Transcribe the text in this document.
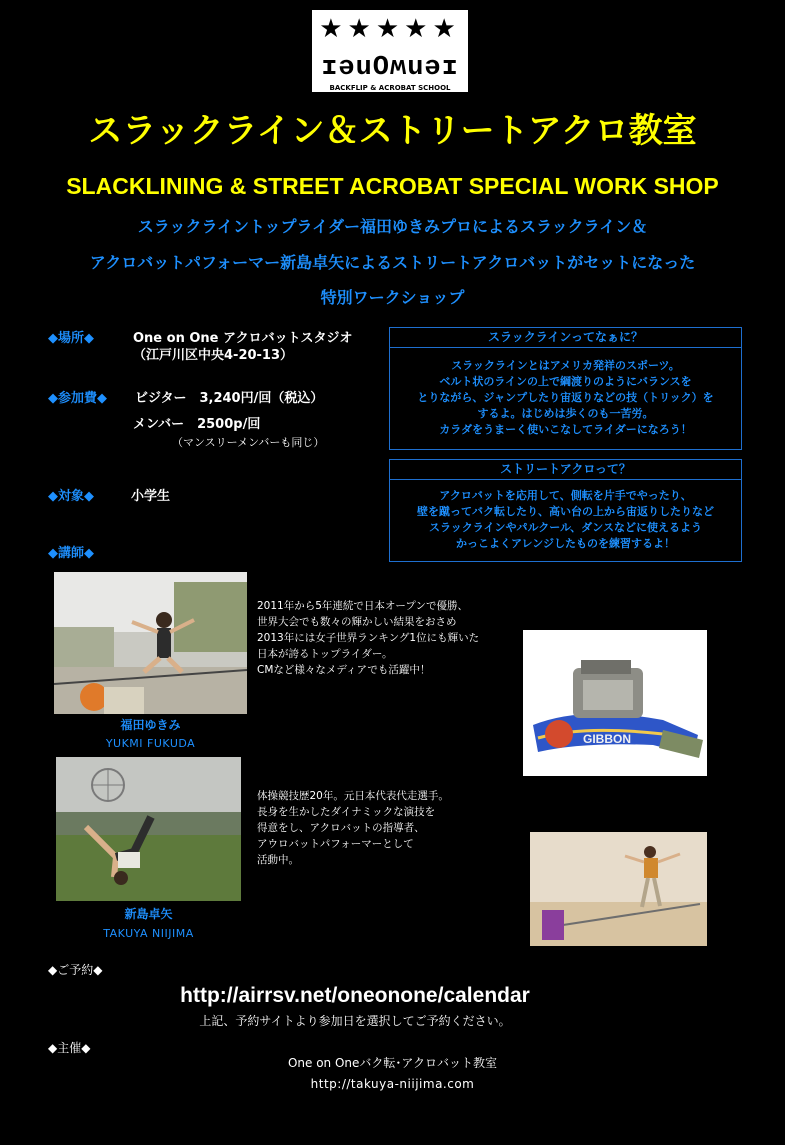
★★★★★
ɪǝuOʍuǝɪ
BACKFLIP & ACROBAT SCHOOL
スラックライン＆ストリートアクロ教室
SLACKLINING & STREET ACROBAT SPECIAL WORK SHOP
スラックライントップライダー福田ゆきみプロによるスラックライン＆
アクロバットパフォーマー新島卓矢によるストリートアクロバットがセットになった
特別ワークショップ
◆場所◆	One on One アクロバットスタジオ
（江戸川区中央4-20-13）
◆参加費◆ ビジター　3,240円/回（税込）
メンバー　2500p/回
（マンスリーメンバーも同じ）
◆対象◆	小学生
◆講師◆
スラックラインってなぁに？
スラックラインとはアメリカ発祥のスポーツ。
ベルト状のラインの上で綱渡りのようにバランスを
とりながら、ジャンプしたり宙返りなどの技（トリック）を
するよ。はじめは歩くのも一苦労。
カラダをうまーく使いこなしてライダーになろう！
ストリートアクロって？
アクロバットを応用して、側転を片手でやったり、
壁を蹴ってバク転したり、高い台の上から宙返りしたりなど
スラックラインやパルクール、ダンスなどに使えるよう
かっこよくアレンジしたものを練習するよ！
福田ゆきみ
YUKMI FUKUDA
2011年から5年連続で日本オープンで優勝、
世界大会でも数々の輝かしい結果をおさめ
2013年には女子世界ランキング1位にも輝いた
日本が誇るトップライダー。
CMなど様々なメディアでも活躍中！
GIBBON
新島卓矢
TAKUYA NIIJIMA
体操競技歴20年。元日本代表代走選手。
長身を生かしたダイナミックな演技を
得意をし、アクロバットの指導者、
アウロバットパフォーマーとして
活動中。
◆ご予約◆
http://airrsv.net/oneonone/calendar
上記、予約サイトより参加日を選択してご予約ください。
◆主催◆
One on Oneバク転･アクロバット教室
http://takuya-niijima.com
